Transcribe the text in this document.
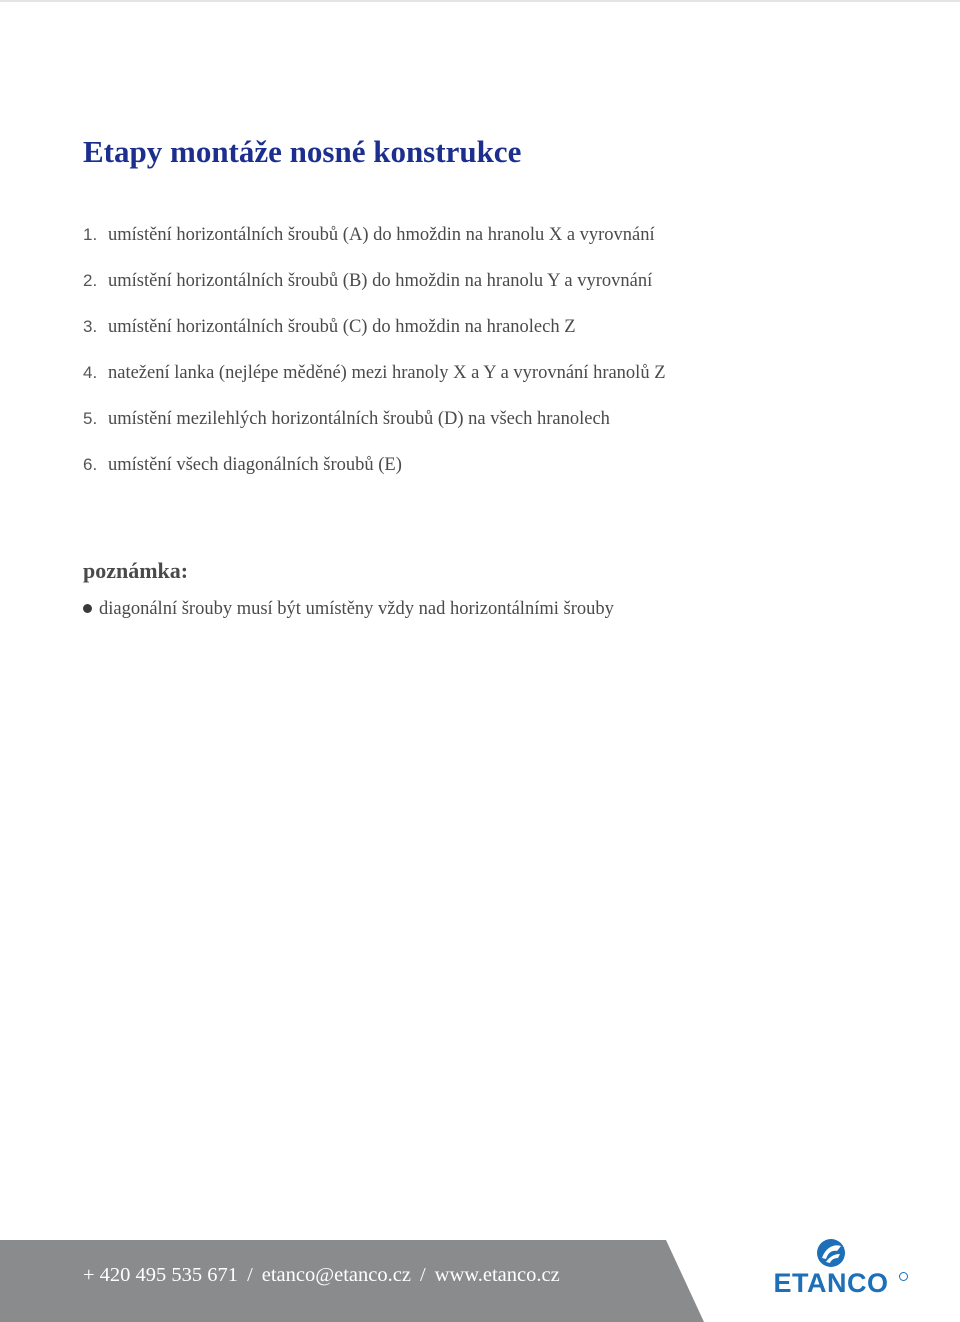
Etapy montáže nosné konstrukce
1. umístění horizontálních šroubů (A) do hmoždin na hranolu X a vyrovnání
2. umístění horizontálních šroubů (B) do hmoždin na hranolu Y a vyrovnání
3. umístění horizontálních šroubů (C) do hmoždin na hranolech Z
4. natežení lanka (nejlépe měděné) mezi hranoly X a Y a vyrovnání hranolů Z
5. umístění mezilehlých horizontálních šroubů (D) na všech hranolech
6. umístění všech diagonálních šroubů (E)
poznámka:
diagonální šrouby musí být umístěny vždy nad horizontálními šrouby
+ 420 495 535 671 / etanco@etanco.cz / www.etanco.cz	ETANCO
